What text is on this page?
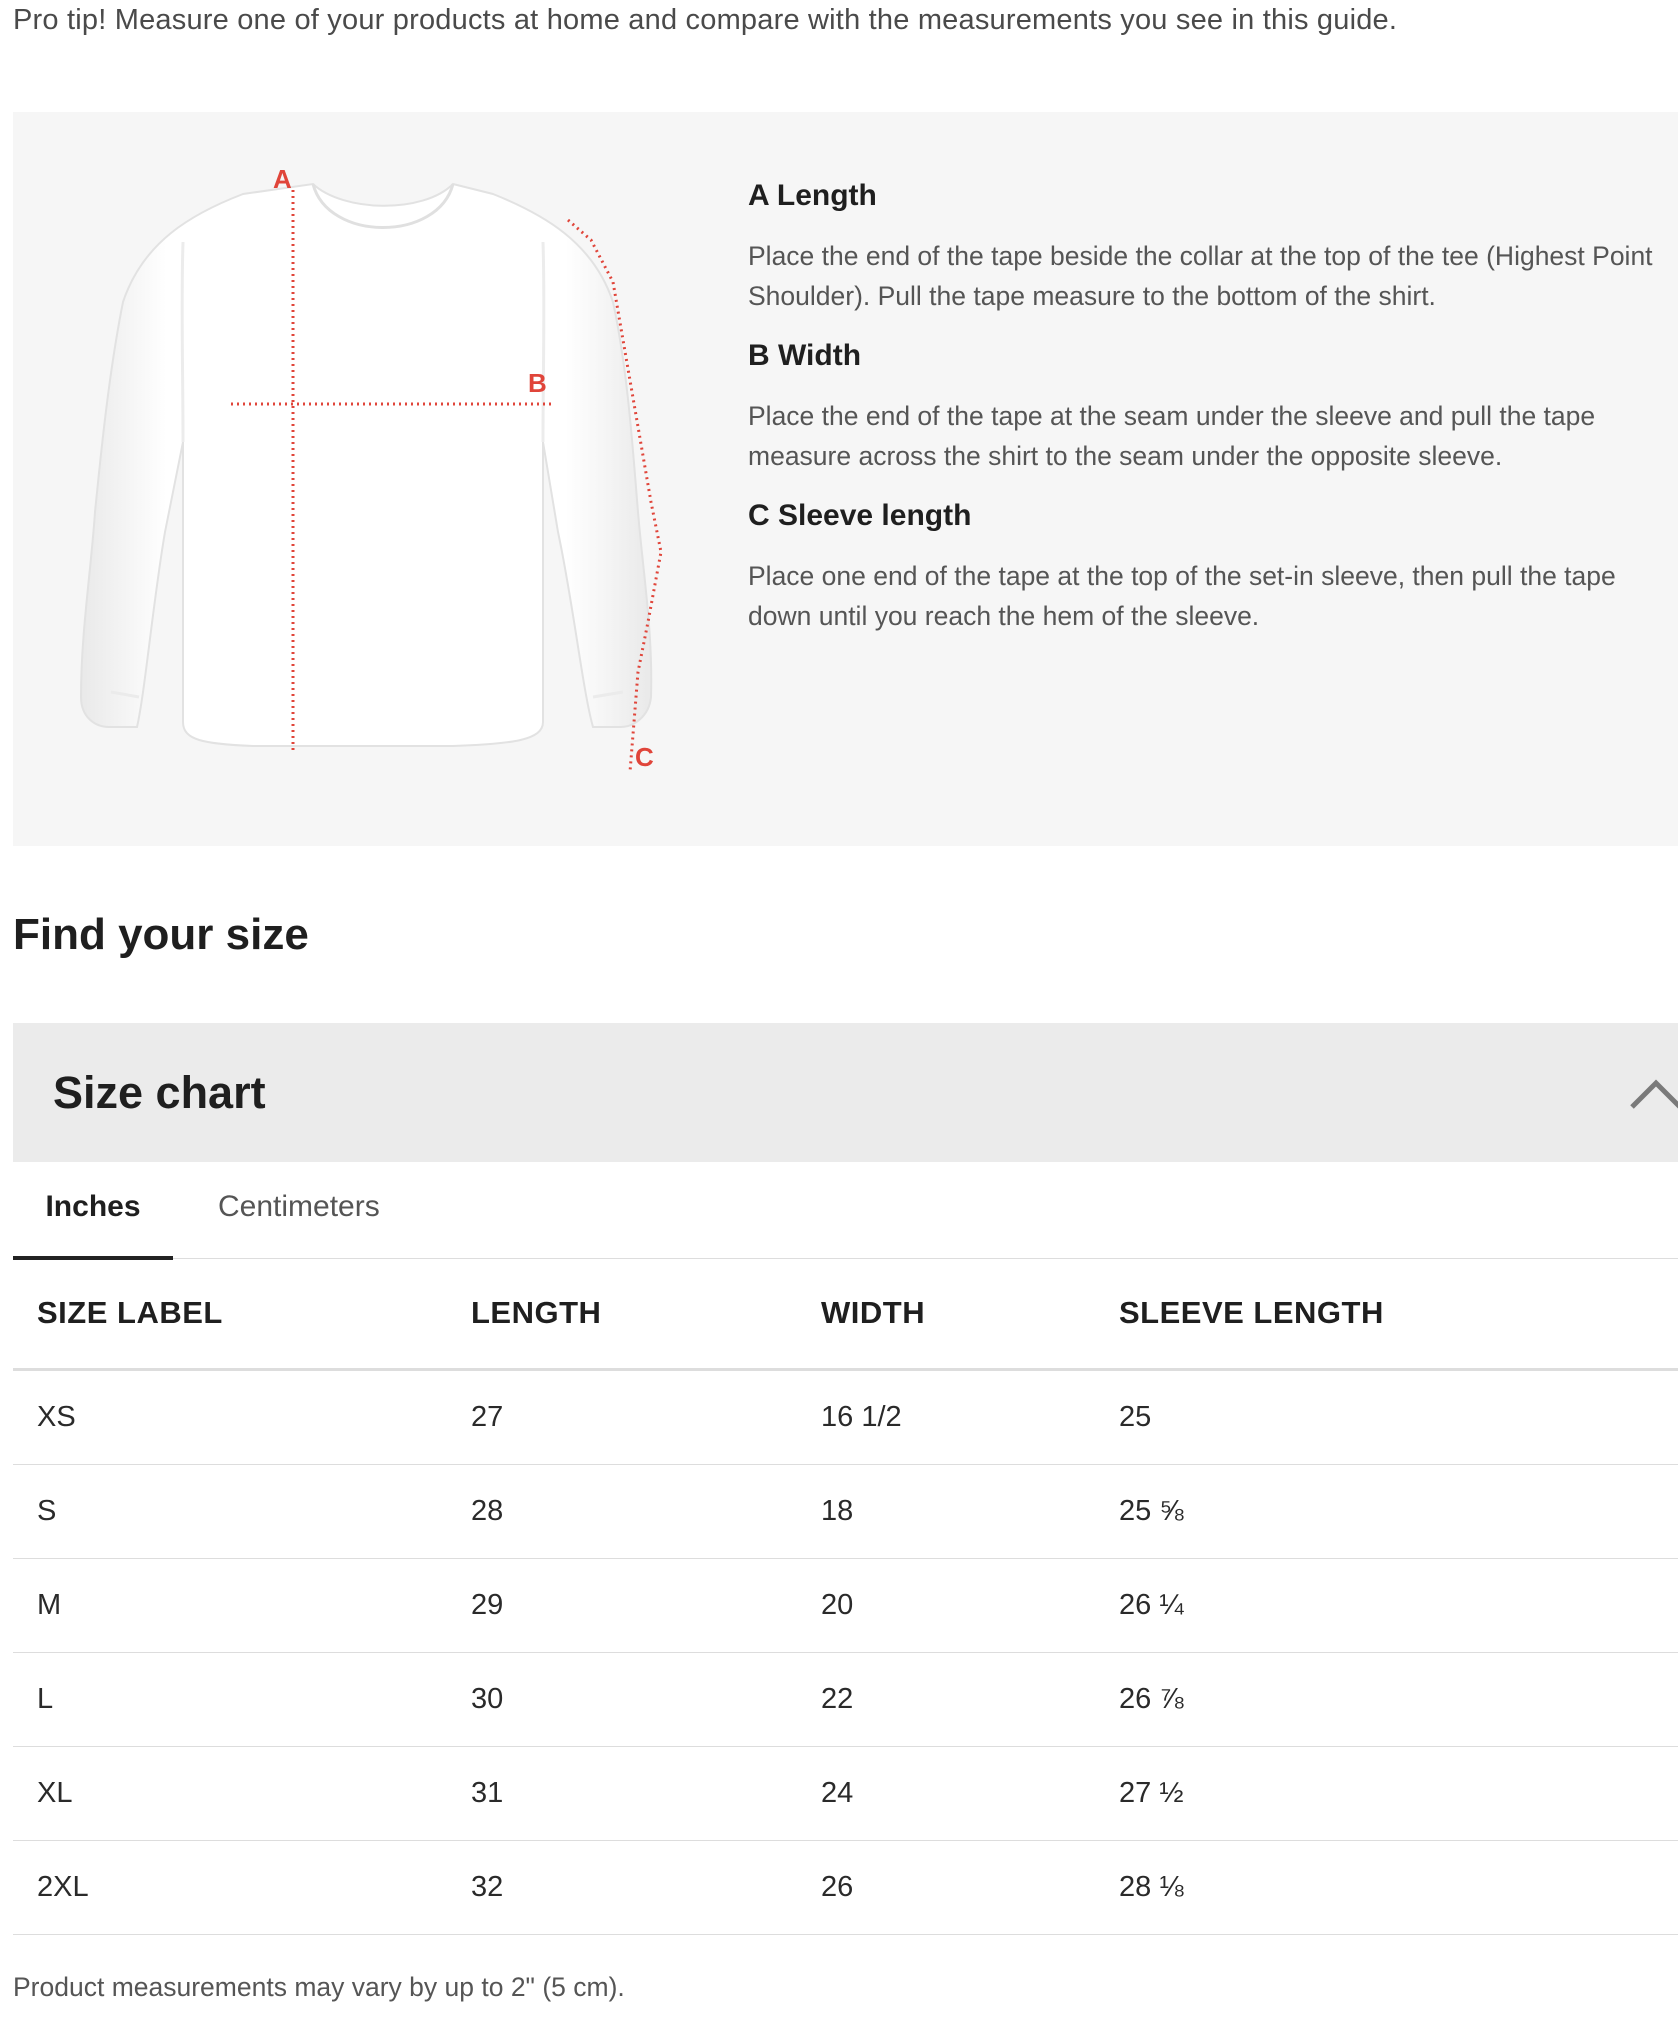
Pro tip! Measure one of your products at home and compare with the measurements you see in this guide.
A
B
C
A Length

Place the end of the tape beside the collar at the top of the tee (Highest Point Shoulder). Pull the tape measure to the bottom of the shirt.

B Width

Place the end of the tape at the seam under the sleeve and pull the tape measure across the shirt to the seam under the opposite sleeve.

C Sleeve length

Place one end of the tape at the top of the set-in sleeve, then pull the tape down until you reach the hem of the sleeve.

Find your size
Size chart
Inches	Centimeters
SIZE LABEL	LENGTH	WIDTH	SLEEVE LENGTH
XS	27	16 1/2	25
S	28	18	25 ⅝
M	29	20	26 ¼
L	30	22	26 ⅞
XL	31	24	27 ½
2XL	32	26	28 ⅛

Product measurements may vary by up to 2" (5 cm).
